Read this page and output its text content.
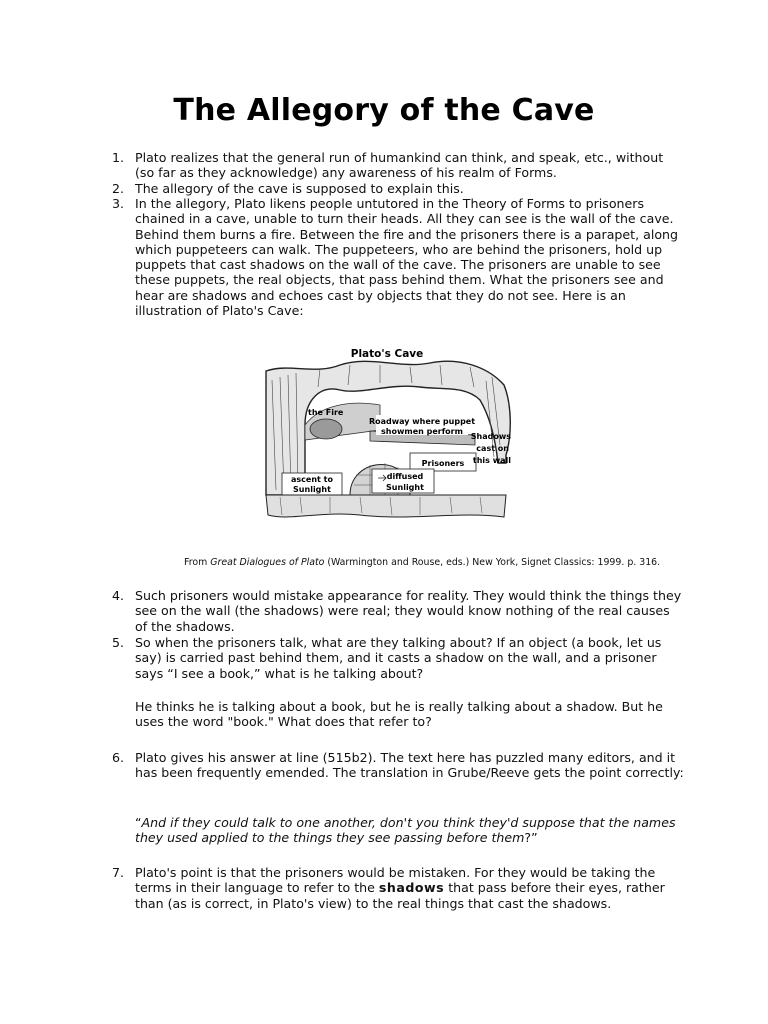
The Allegory of the Cave
1. Plato realizes that the general run of humankind can think, and speak, etc., without (so far as they acknowledge) any awareness of his realm of Forms.
2. The allegory of the cave is supposed to explain this.
3. In the allegory, Plato likens people untutored in the Theory of Forms to prisoners chained in a cave, unable to turn their heads. All they can see is the wall of the cave. Behind them burns a fire. Between the fire and the prisoners there is a parapet, along which puppeteers can walk. The puppeteers, who are behind the prisoners, hold up puppets that cast shadows on the wall of the cave. The prisoners are unable to see these puppets, the real objects, that pass behind them. What the prisoners see and hear are shadows and echoes cast by objects that they do not see. Here is an illustration of Plato's Cave:
Plato's Cave
the Fire
Roadway where puppet
showmen perform
Prisoners
Shadows
cast on
this wall
ascent to
Sunlight
diffused
Sunlight
From Great Dialogues of Plato (Warmington and Rouse, eds.) New York, Signet Classics: 1999. p. 316.
4. Such prisoners would mistake appearance for reality. They would think the things they see on the wall (the shadows) were real; they would know nothing of the real causes of the shadows.
5. So when the prisoners talk, what are they talking about? If an object (a book, let us say) is carried past behind them, and it casts a shadow on the wall, and a prisoner says “I see a book,” what is he talking about?
He thinks he is talking about a book, but he is really talking about a shadow. But he uses the word "book." What does that refer to?
6. Plato gives his answer at line (515b2). The text here has puzzled many editors, and it has been frequently emended. The translation in Grube/Reeve gets the point correctly:
“And if they could talk to one another, don't you think they'd suppose that the names they used applied to the things they see passing before them?”
7. Plato's point is that the prisoners would be mistaken. For they would be taking the terms in their language to refer to the shadows that pass before their eyes, rather than (as is correct, in Plato's view) to the real things that cast the shadows.
